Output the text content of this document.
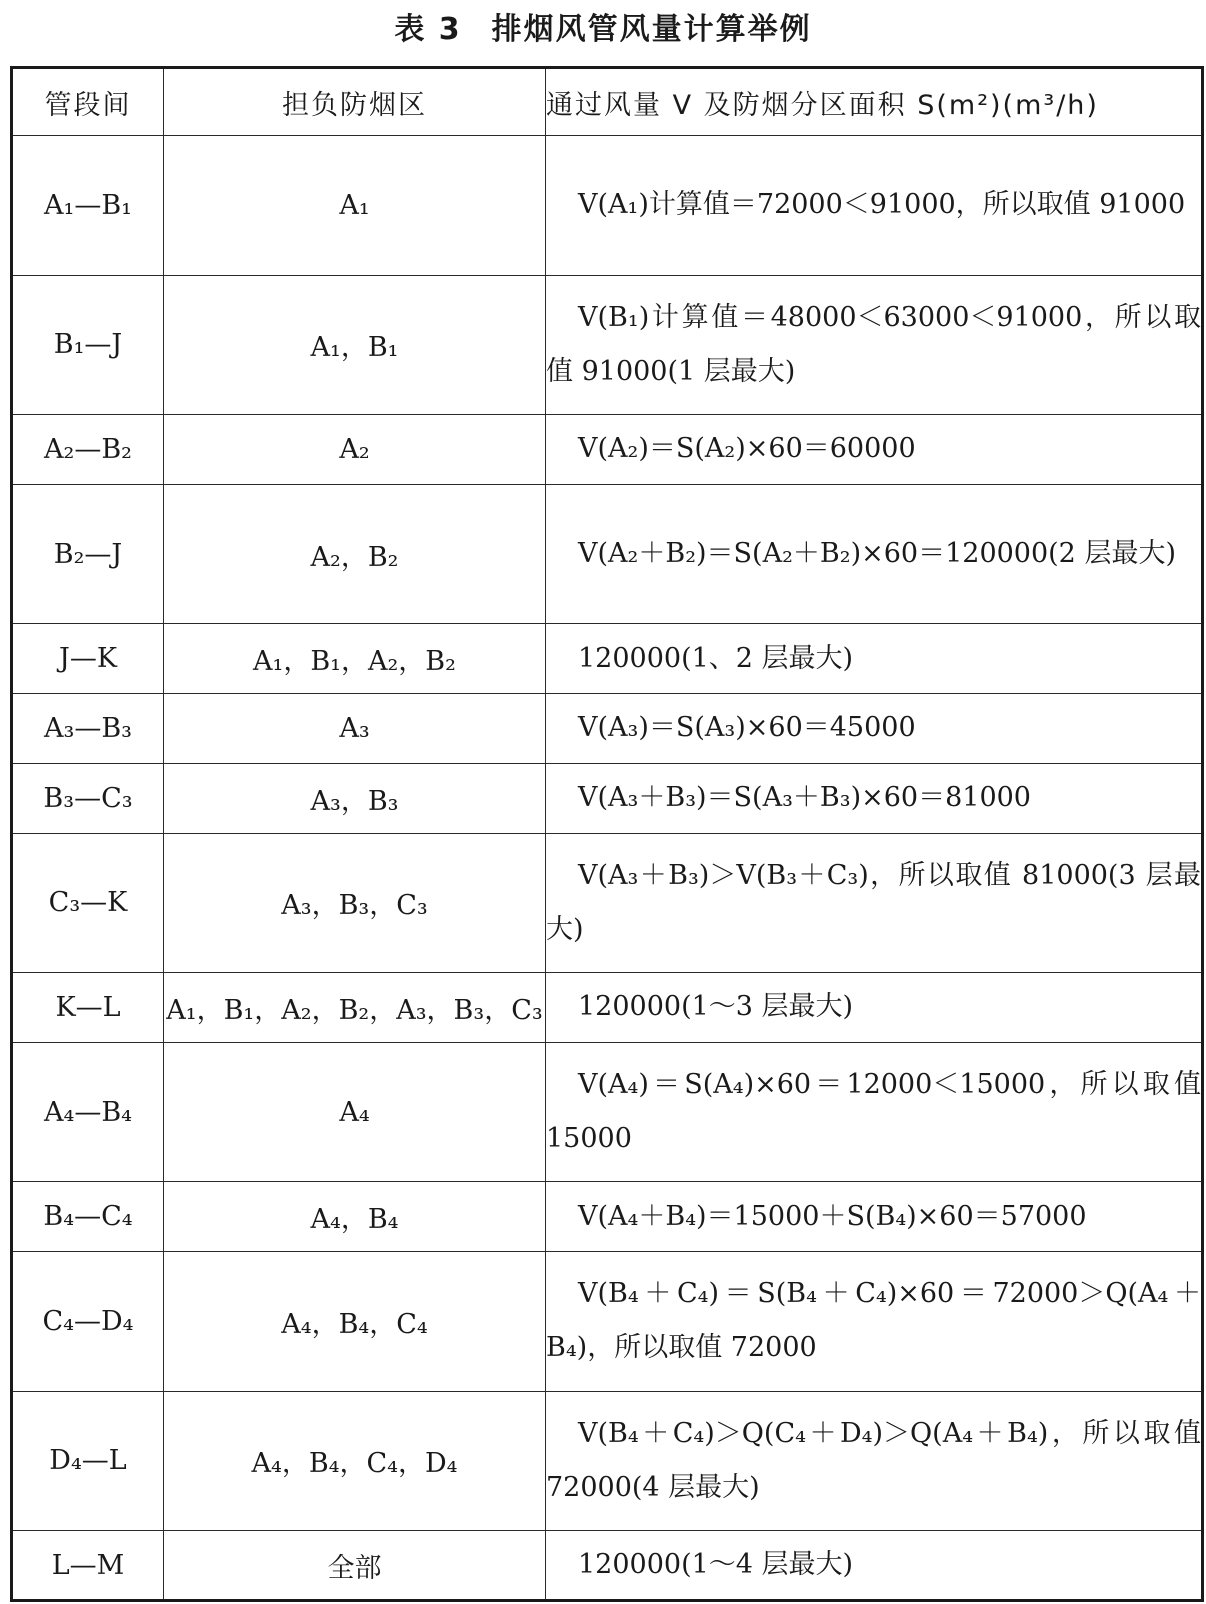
表 3 排烟风管风量计算举例
管段间	担负防烟区	通过风量 V 及防烟分区面积 S(m²)(m³/h)
A₁—B₁	A₁	V(A₁)计算值＝72000＜91000，所以取值 91000
B₁—J	A₁，B₁	V(B₁)计算值＝48000＜63000＜91000，所以取值 91000(1 层最大)
A₂—B₂	A₂	V(A₂)＝S(A₂)×60＝60000
B₂—J	A₂，B₂	V(A₂＋B₂)＝S(A₂＋B₂)×60＝120000(2 层最大)
J—K	A₁，B₁，A₂，B₂	120000(1、2 层最大)
A₃—B₃	A₃	V(A₃)＝S(A₃)×60＝45000
B₃—C₃	A₃，B₃	V(A₃＋B₃)＝S(A₃＋B₃)×60＝81000
C₃—K	A₃，B₃，C₃	V(A₃＋B₃)＞V(B₃＋C₃)，所以取值 81000(3 层最大)
K—L	A₁，B₁，A₂，B₂，A₃，B₃，C₃	120000(1～3 层最大)
A₄—B₄	A₄	V(A₄)＝S(A₄)×60＝12000＜15000，所以取值 15000
B₄—C₄	A₄，B₄	V(A₄＋B₄)＝15000＋S(B₄)×60＝57000
C₄—D₄	A₄，B₄，C₄	V(B₄＋C₄)＝S(B₄＋C₄)×60＝72000＞Q(A₄＋B₄)，所以取值 72000
D₄—L	A₄，B₄，C₄，D₄	V(B₄＋C₄)＞Q(C₄＋D₄)＞Q(A₄＋B₄)，所以取值 72000(4 层最大)
L—M	全部	120000(1～4 层最大)
